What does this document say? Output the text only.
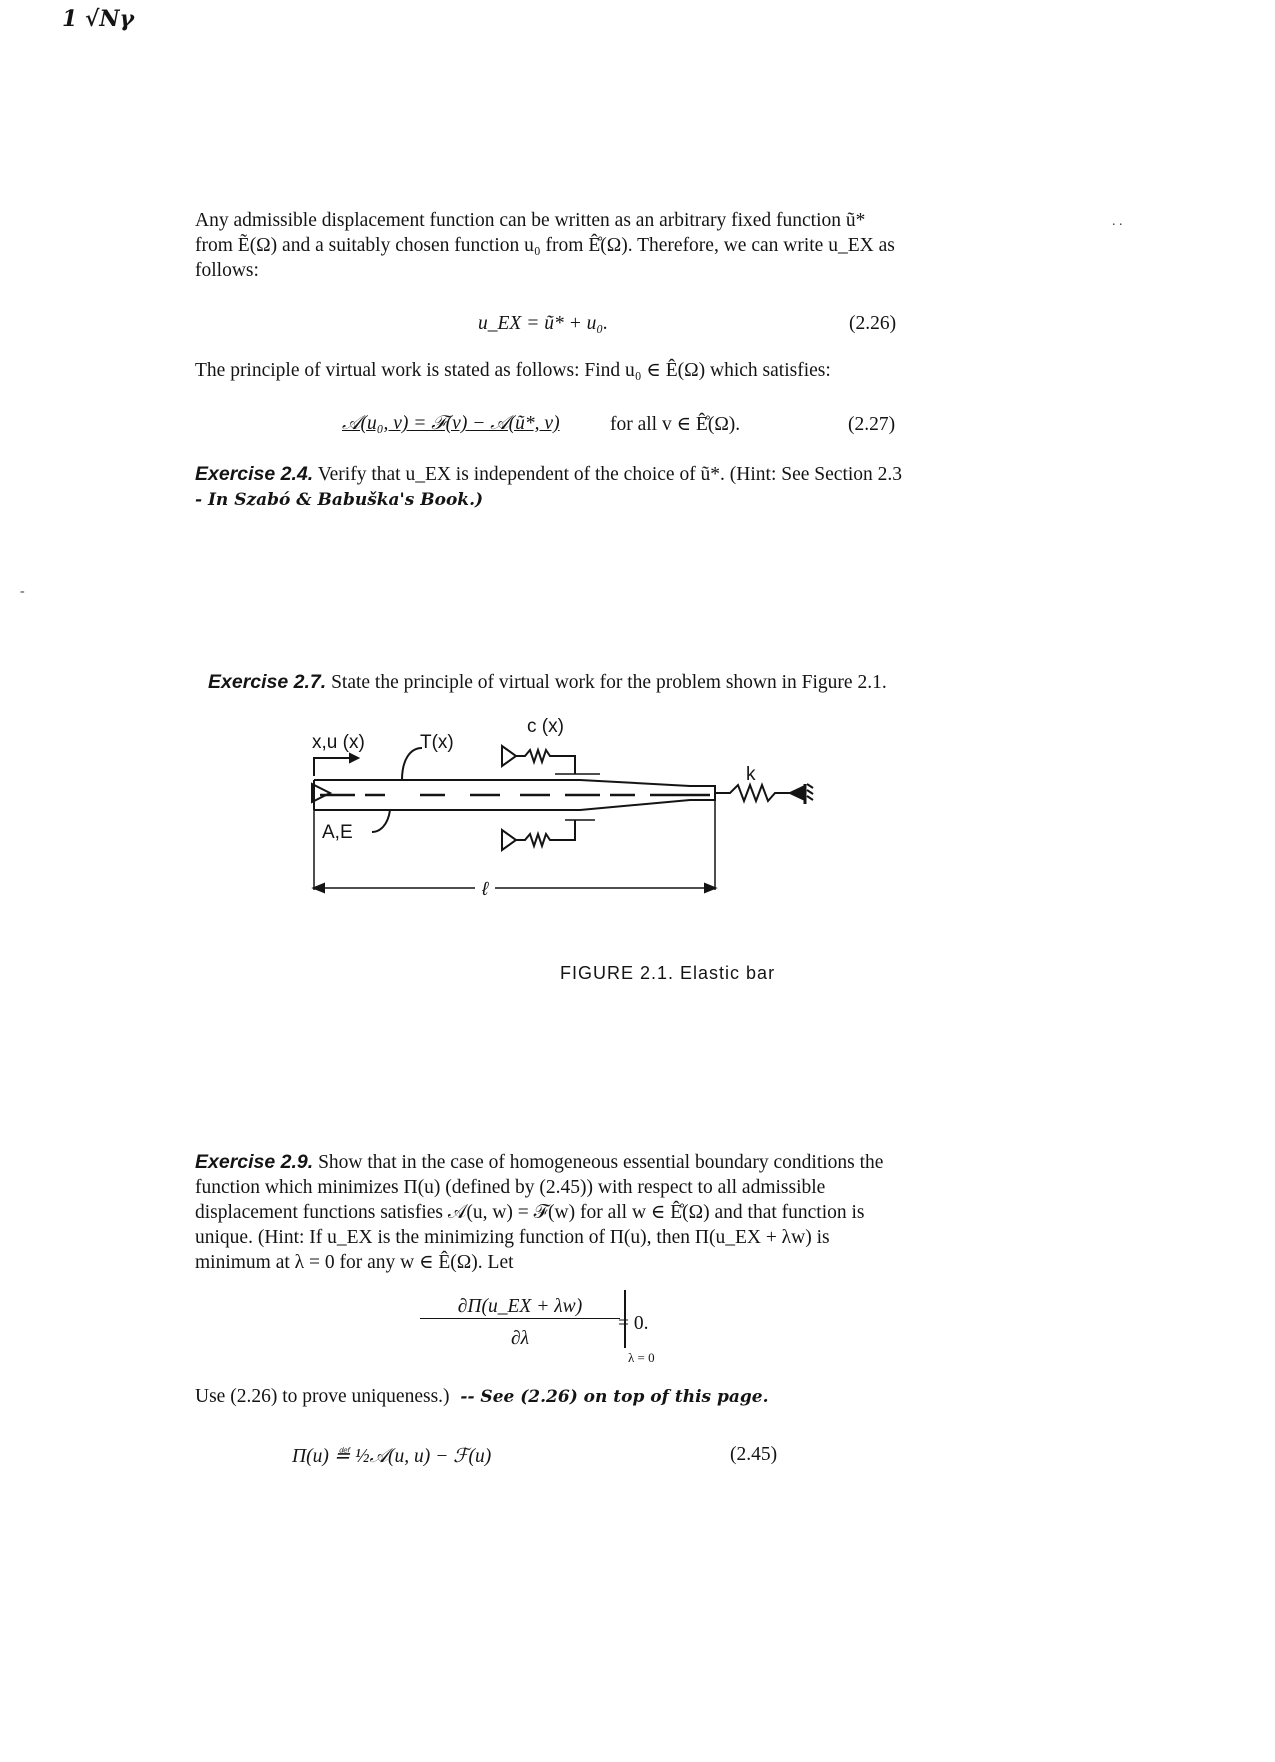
1 √Nγ
. .
-
Any admissible displacement function can be written as an arbitrary fixed function ũ* from Ẽ(Ω) and a suitably chosen function u₀ from Ê̊(Ω). Therefore, we can write u_EX as follows:
u_EX = ũ* + u₀.	(2.26)
The principle of virtual work is stated as follows: Find u₀ ∈ Ê(Ω) which satisfies:
𝒜(u₀, v) = ℱ(v) − 𝒜(ũ*, v)	for all v ∈ Ê̊(Ω).	(2.27)
Exercise 2.4. Verify that u_EX is independent of the choice of ũ*. (Hint: See Section 2.3 - In Szabó & Babuška's Book.)
Exercise 2.7. State the principle of virtual work for the problem shown in Figure 2.1.
x,u (x)	T(x)
c (x)
A,E
k
ℓ
FIGURE 2.1. Elastic bar
Exercise 2.9. Show that in the case of homogeneous essential boundary conditions the function which minimizes Π(u) (defined by (2.45)) with respect to all admissible displacement functions satisfies 𝒜(u, w) = ℱ(w) for all w ∈ Ê̊(Ω) and that function is unique. (Hint: If u_EX is the minimizing function of Π(u), then Π(u_EX + λw) is minimum at λ = 0 for any w ∈ Ê(Ω). Let
∂Π(u_EX + λw)
∂λ
λ = 0
= 0.
Use (2.26) to prove uniqueness.) -- See (2.26) on top of this page.
Π(u) ≝ ½𝒜(u, u) − ℱ(u)	(2.45)
